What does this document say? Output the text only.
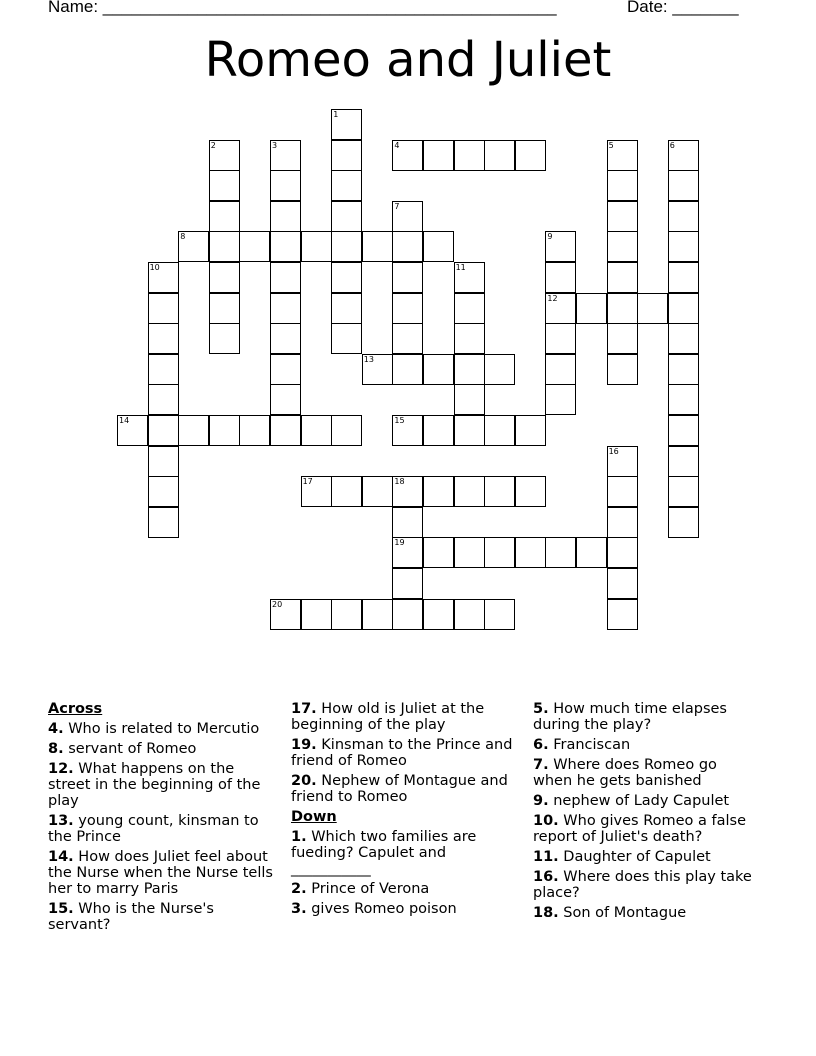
Name: ________________________________________________	Date: _______
Romeo and Juliet
1
2	3	4	5	6
7
8	9
12
10	11
13
14	15
16
17	18
19
20
Across
4. Who is related to Mercutio
8. servant of Romeo
12. What happens on the street in the beginning of the play
13. young count, kinsman to the Prince
14. How does Juliet feel about the Nurse when the Nurse tells her to marry Paris
15. Who is the Nurse's servant?
17. How old is Juliet at the beginning of the play
19. Kinsman to the Prince and friend of Romeo
20. Nephew of Montague and friend to Romeo
Down
1. Which two families are fueding? Capulet and ___________
2. Prince of Verona
3. gives Romeo poison
5. How much time elapses during the play?
6. Franciscan
7. Where does Romeo go when he gets banished
9. nephew of Lady Capulet
10. Who gives Romeo a false report of Juliet's death?
11. Daughter of Capulet
16. Where does this play take place?
18. Son of Montague
